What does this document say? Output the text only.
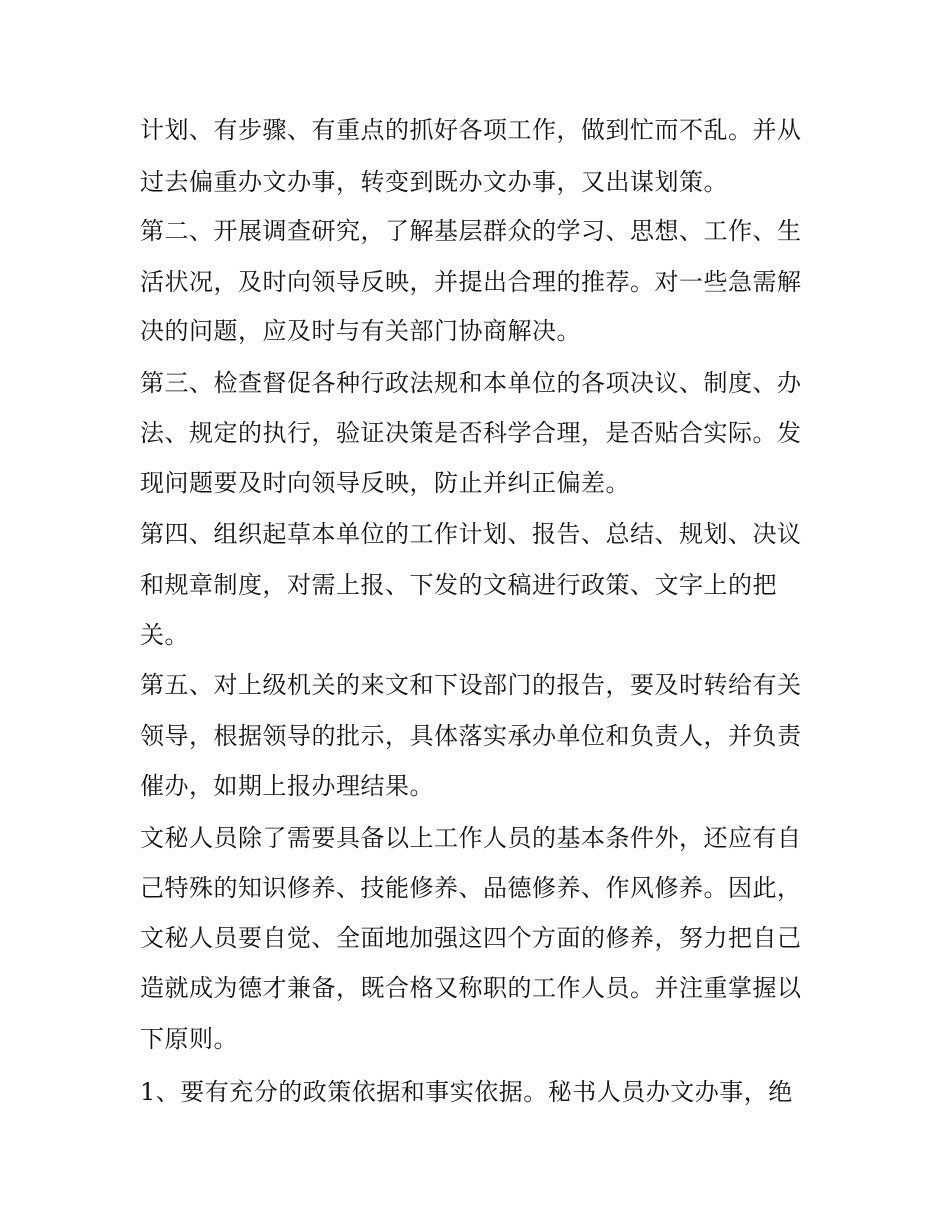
计划、有步骤、有重点的抓好各项工作，做到忙而不乱。并从
过去偏重办文办事，转变到既办文办事，又出谋划策。
第二、开展调查研究，了解基层群众的学习、思想、工作、生
活状况，及时向领导反映，并提出合理的推荐。对一些急需解
决的问题，应及时与有关部门协商解决。
第三、检查督促各种行政法规和本单位的各项决议、制度、办
法、规定的执行，验证决策是否科学合理，是否贴合实际。发
现问题要及时向领导反映，防止并纠正偏差。
第四、组织起草本单位的工作计划、报告、总结、规划、决议
和规章制度，对需上报、下发的文稿进行政策、文字上的把
关。
第五、对上级机关的来文和下设部门的报告，要及时转给有关
领导，根据领导的批示，具体落实承办单位和负责人，并负责
催办，如期上报办理结果。
文秘人员除了需要具备以上工作人员的基本条件外，还应有自
己特殊的知识修养、技能修养、品德修养、作风修养。因此，
文秘人员要自觉、全面地加强这四个方面的修养，努力把自己
造就成为德才兼备，既合格又称职的工作人员。并注重掌握以
下原则。
1、要有充分的政策依据和事实依据。秘书人员办文办事，绝
